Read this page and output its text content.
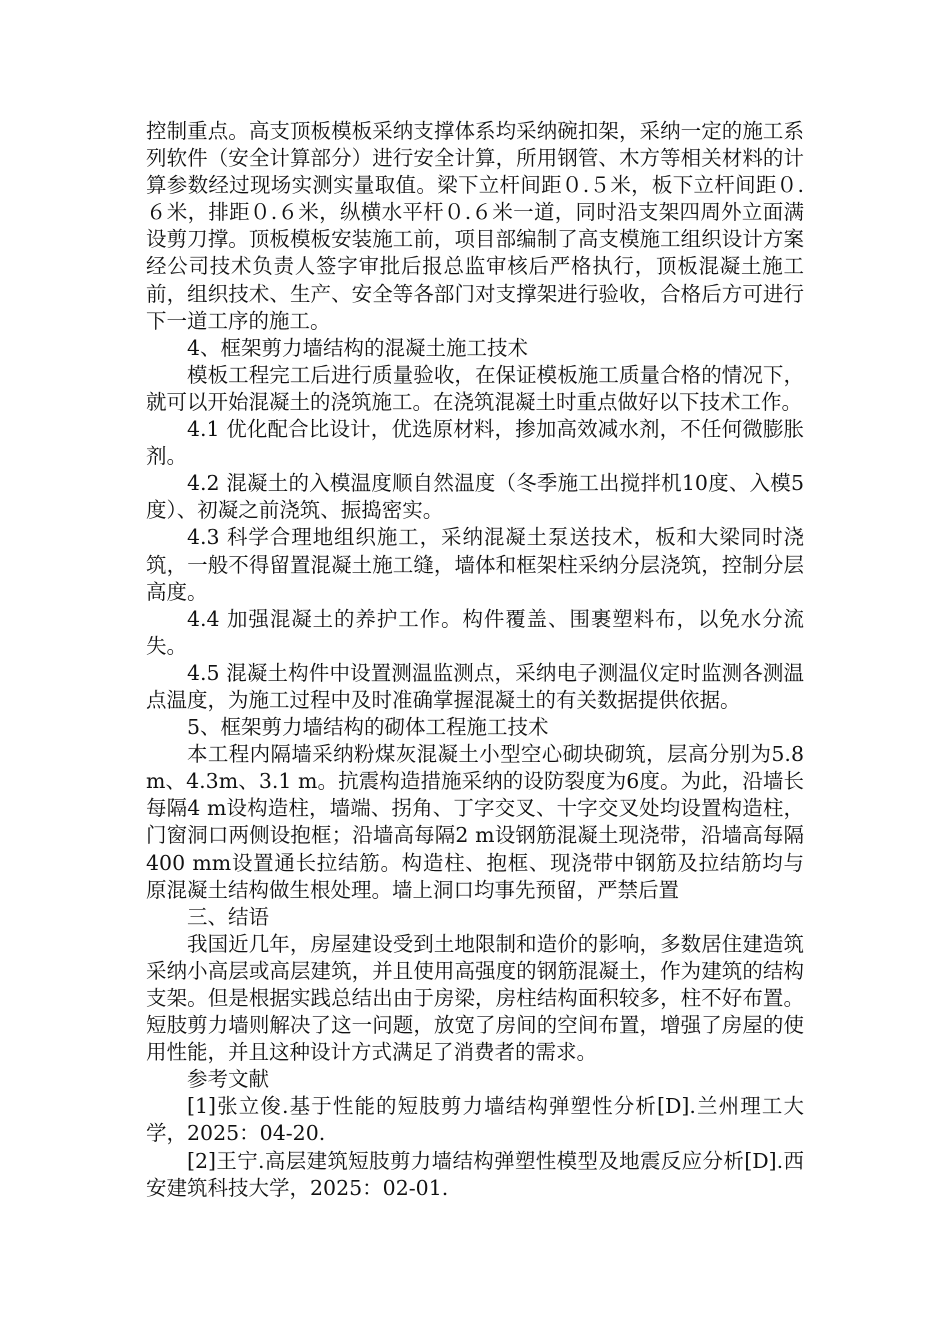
控制重点。高支顶板模板采纳支撑体系均采纳碗扣架，采纳一定的施工系列软件（安全计算部分）进行安全计算，所用钢管、木方等相关材料的计算参数经过现场实测实量取值。梁下立杆间距０.５米，板下立杆间距０.６米，排距０.６米，纵横水平杆０.６米一道，同时沿支架四周外立面满设剪刀撑。顶板模板安装施工前，项目部编制了高支模施工组织设计方案经公司技术负责人签字审批后报总监审核后严格执行，顶板混凝土施工前，组织技术、生产、安全等各部门对支撑架进行验收，合格后方可进行下一道工序的施工。

4、框架剪力墙结构的混凝土施工技术

模板工程完工后进行质量验收，在保证模板施工质量合格的情况下，就可以开始混凝土的浇筑施工。在浇筑混凝土时重点做好以下技术工作。

4.1 优化配合比设计，优选原材料，掺加高效减水剂，不任何微膨胀剂。

4.2 混凝土的入模温度顺自然温度（冬季施工出搅拌机10度、入模5度）、初凝之前浇筑、振捣密实。

4.3 科学合理地组织施工，采纳混凝土泵送技术，板和大梁同时浇筑，一般不得留置混凝土施工缝，墙体和框架柱采纳分层浇筑，控制分层高度。

4.4 加强混凝土的养护工作。构件覆盖、围裹塑料布，以免水分流失。

4.5 混凝土构件中设置测温监测点，采纳电子测温仪定时监测各测温点温度，为施工过程中及时准确掌握混凝土的有关数据提供依据。

5、框架剪力墙结构的砌体工程施工技术

本工程内隔墙采纳粉煤灰混凝土小型空心砌块砌筑，层高分别为5.8 m、4.3m、3.1 m。抗震构造措施采纳的设防裂度为6度。为此，沿墙长每隔4 m设构造柱，墙端、拐角、丁字交叉、十字交叉处均设置构造柱，门窗洞口两侧设抱框；沿墙高每隔2 m设钢筋混凝土现浇带，沿墙高每隔400 mm设置通长拉结筋。构造柱、抱框、现浇带中钢筋及拉结筋均与原混凝土结构做生根处理。墙上洞口均事先预留，严禁后置

三、结语

我国近几年，房屋建设受到土地限制和造价的影响，多数居住建造筑采纳小高层或高层建筑，并且使用高强度的钢筋混凝土，作为建筑的结构支架。但是根据实践总结出由于房梁，房柱结构面积较多，柱不好布置。短肢剪力墙则解决了这一问题，放宽了房间的空间布置，增强了房屋的使用性能，并且这种设计方式满足了消费者的需求。

参考文献

[1]张立俊.基于性能的短肢剪力墙结构弹塑性分析[D].兰州理工大学，2025：04-20.

[2]王宁.高层建筑短肢剪力墙结构弹塑性模型及地震反应分析[D].西安建筑科技大学，2025：02-01.
